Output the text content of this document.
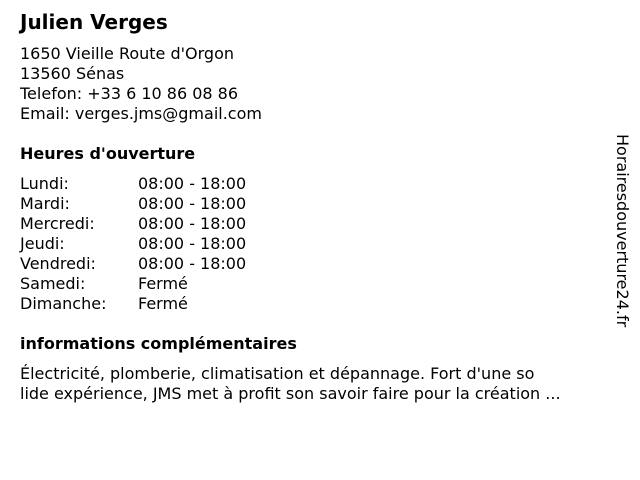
Julien Verges
1650 Vieille Route d'Orgon
13560 Sénas
Telefon: +33 6 10 86 08 86
Email: verges.jms@gmail.com
Heures d'ouverture
Lundi:	08:00 - 18:00
Mardi:	08:00 - 18:00
Mercredi:	08:00 - 18:00
Jeudi:	08:00 - 18:00
Vendredi:	08:00 - 18:00
Samedi:	Fermé
Dimanche:	Fermé
informations complémentaires
Électricité, plomberie, climatisation et dépannage. Fort d'une so
lide expérience, JMS met à profit son savoir faire pour la création ...
Horairesdouverture24.fr
